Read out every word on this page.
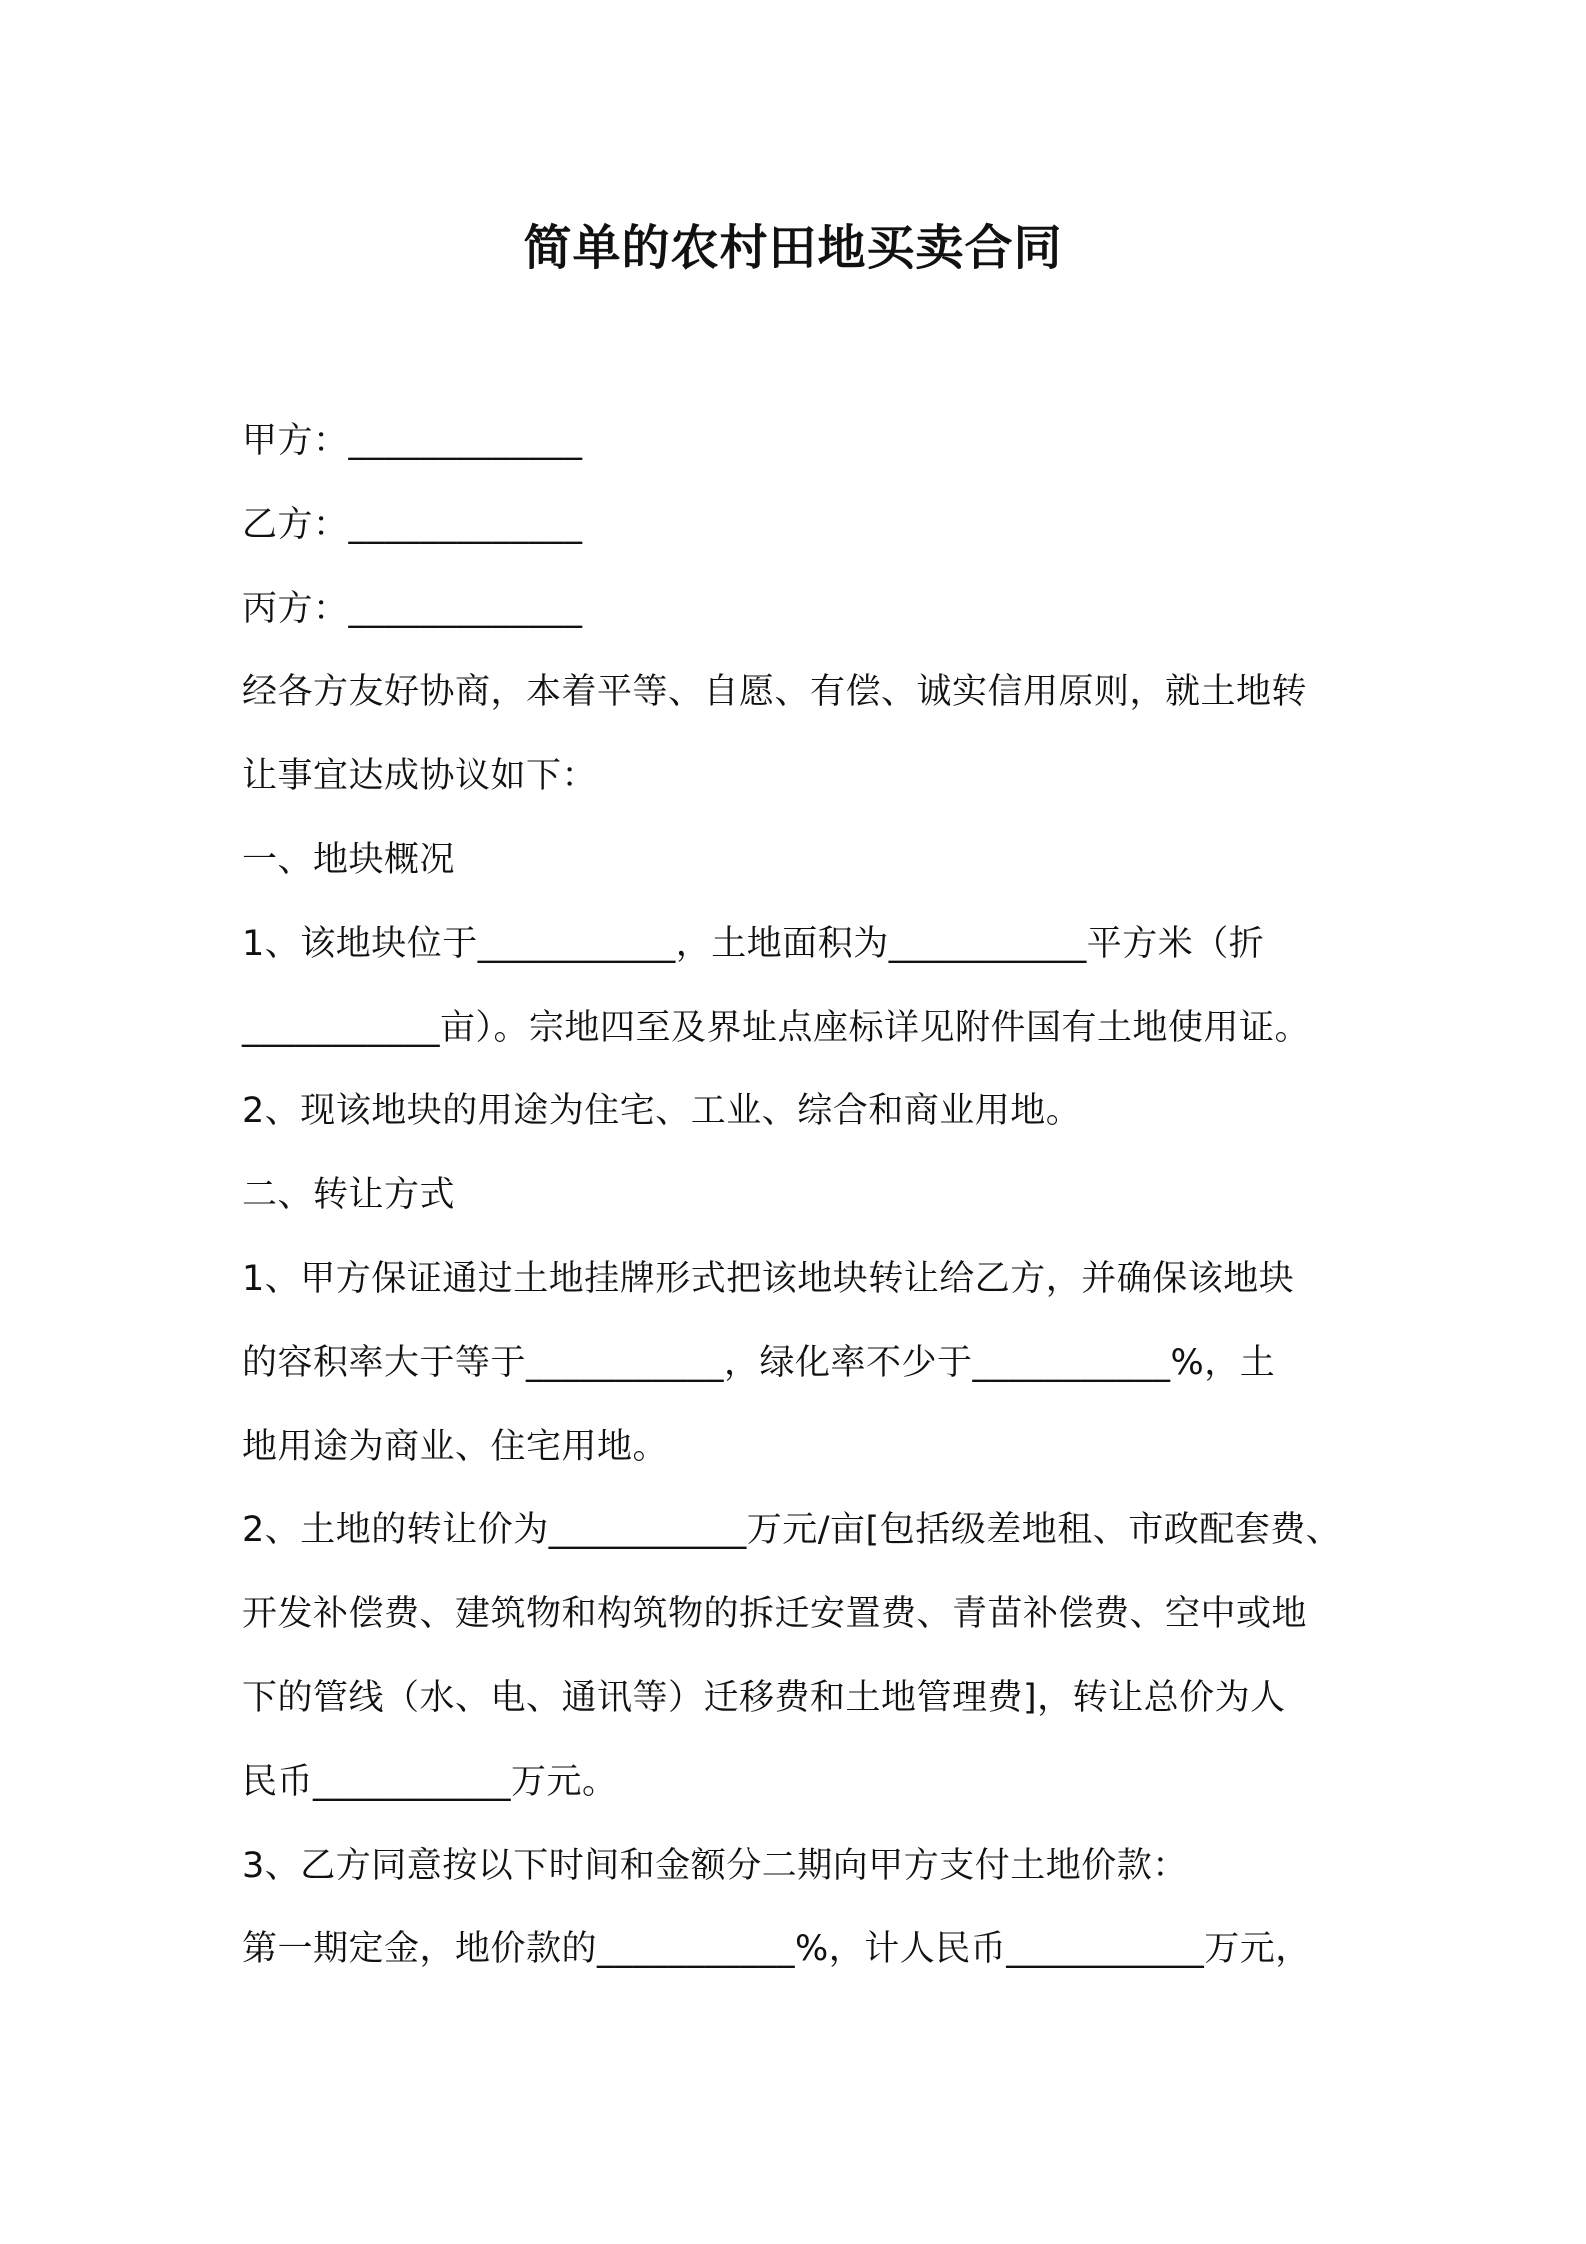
简单的农村田地买卖合同
甲方：_____________
乙方：_____________
丙方：_____________
经各方友好协商，本着平等、自愿、有偿、诚实信用原则，就土地转
让事宜达成协议如下：
一、地块概况
1、该地块位于___________，土地面积为___________平方米（折
___________亩）。宗地四至及界址点座标详见附件国有土地使用证。
2、现该地块的用途为住宅、工业、综合和商业用地。
二、转让方式
1、甲方保证通过土地挂牌形式把该地块转让给乙方，并确保该地块
的容积率大于等于___________，绿化率不少于___________%，土
地用途为商业、住宅用地。
2、土地的转让价为___________万元/亩[包括级差地租、市政配套费、
开发补偿费、建筑物和构筑物的拆迁安置费、青苗补偿费、空中或地
下的管线（水、电、通讯等）迁移费和土地管理费]，转让总价为人
民币___________万元。
3、乙方同意按以下时间和金额分二期向甲方支付土地价款：
第一期定金，地价款的___________%，计人民币___________万元，
